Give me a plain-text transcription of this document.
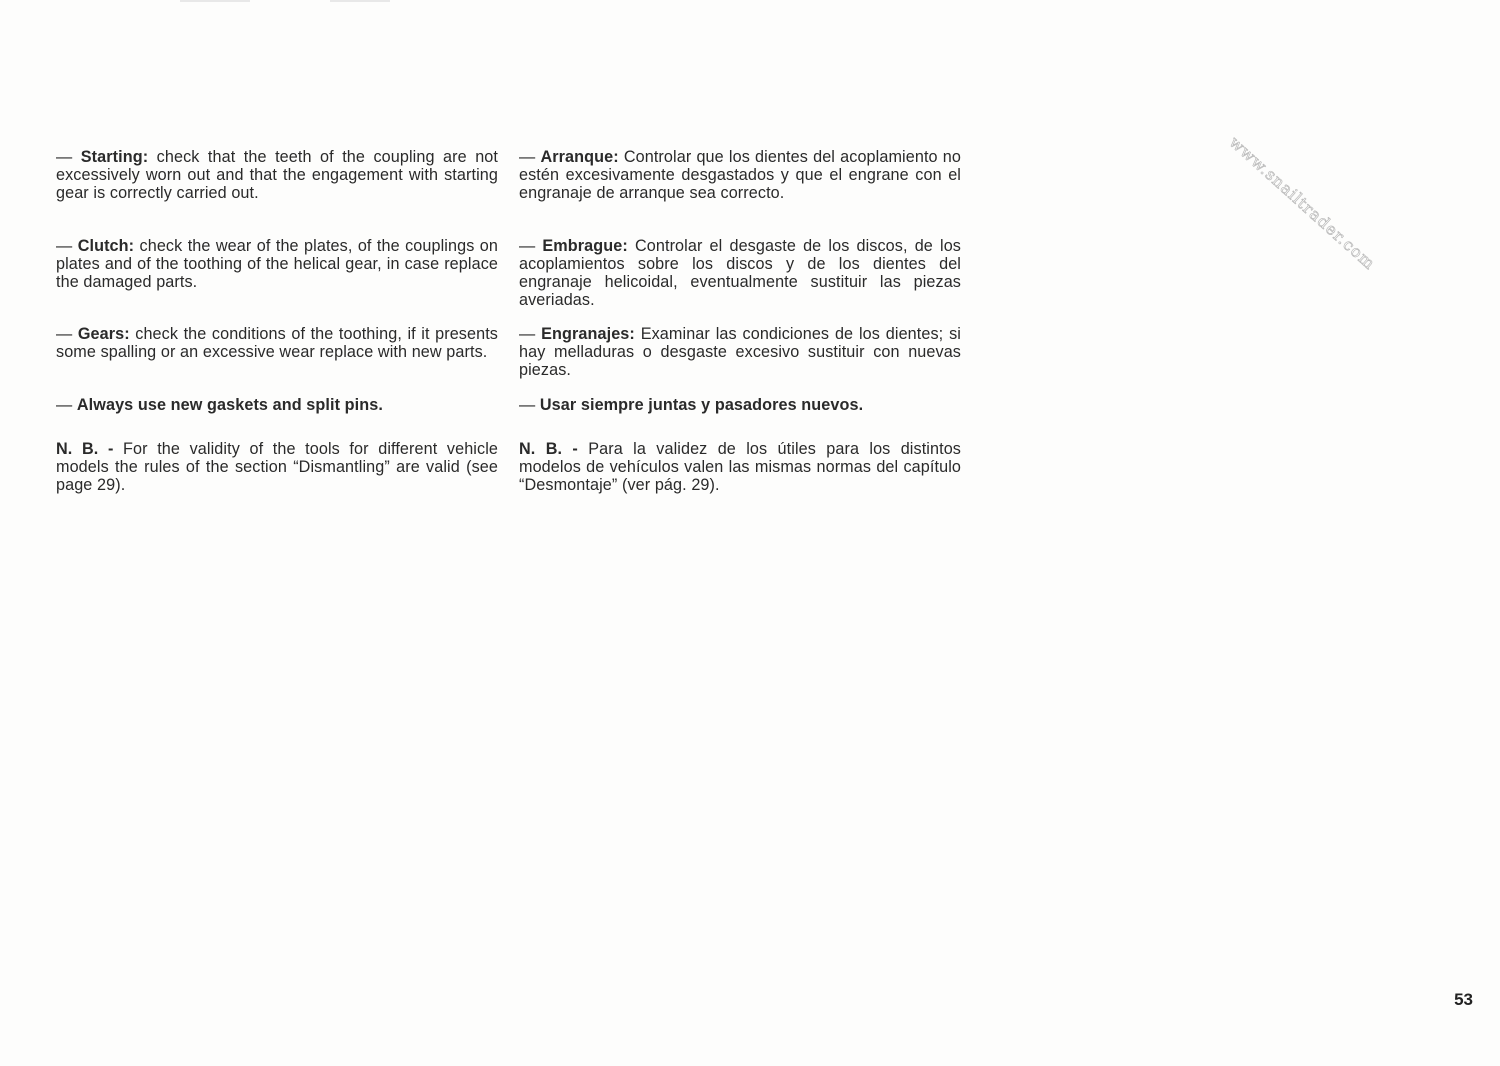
www.snailtrader.com

— Starting: check that the teeth of the coupling are not excessively worn out and that the engagement with starting gear is correctly carried out.

— Clutch: check the wear of the plates, of the couplings on plates and of the toothing of the helical gear, in case replace the damaged parts.

— Gears: check the conditions of the toothing, if it presents some spalling or an excessive wear replace with new parts.

— Always use new gaskets and split pins.

N. B. - For the validity of the tools for different vehicle models the rules of the section “Dismantling” are valid (see page 29).

— Arranque: Controlar que los dientes del acoplamiento no estén excesivamente desgastados y que el engrane con el engranaje de arranque sea correcto.

— Embrague: Controlar el desgaste de los discos, de los acoplamientos sobre los discos y de los dientes del engranaje helicoidal, eventualmente sustituir las piezas averiadas.

— Engranajes: Examinar las condiciones de los dientes; si hay melladuras o desgaste excesivo sustituir con nuevas piezas.

— Usar siempre juntas y pasadores nuevos.

N. B. - Para la validez de los útiles para los distintos modelos de vehículos valen las mismas normas del capítulo “Desmontaje” (ver pág. 29).

53
